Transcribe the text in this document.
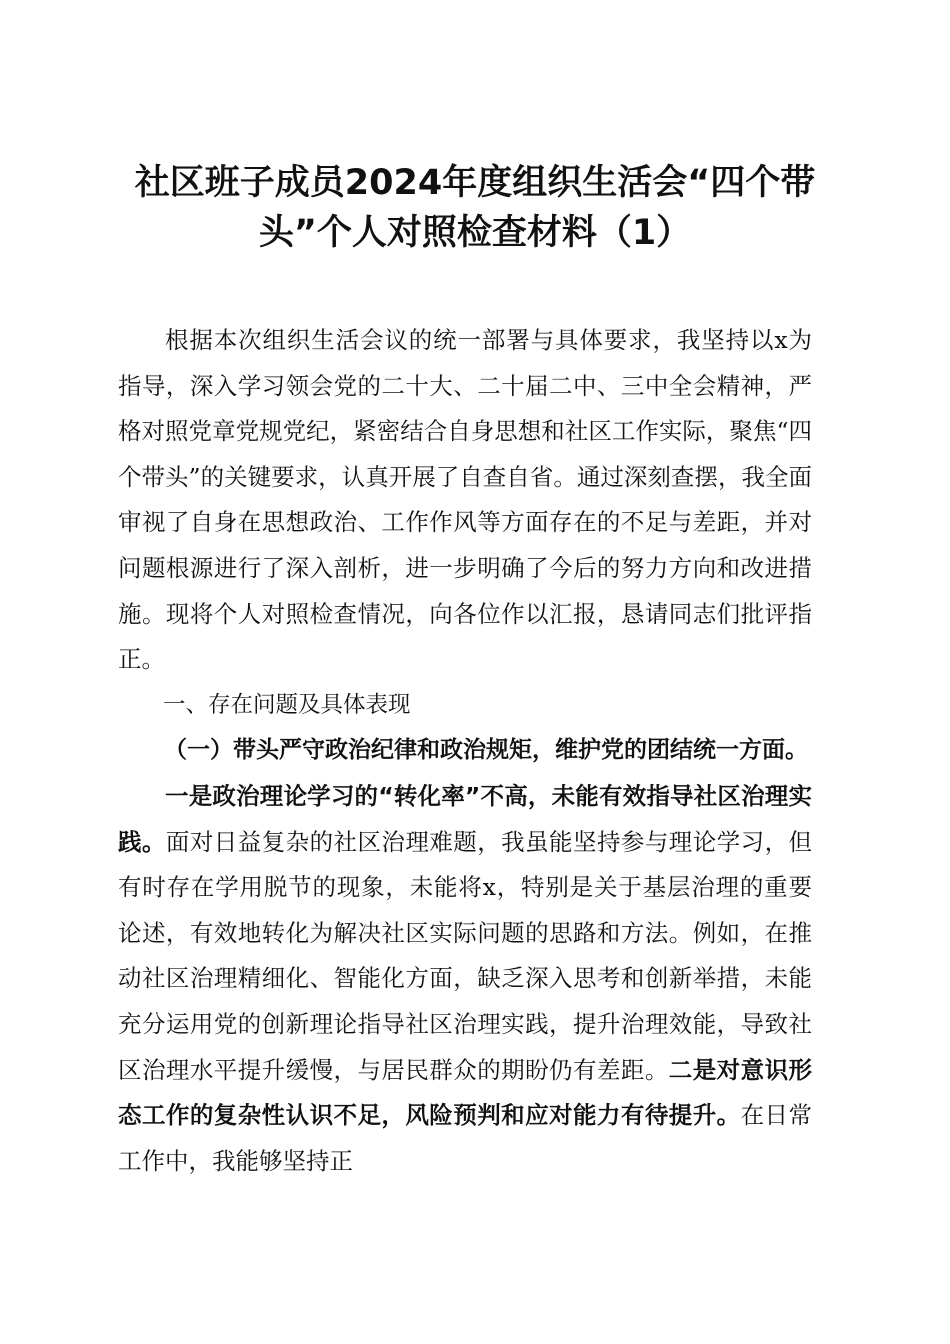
社区班子成员2024年度组织生活会“四个带头”个人对照检查材料（1）

根据本次组织生活会议的统一部署与具体要求，我坚持以x为指导，深入学习领会党的二十大、二十届二中、三中全会精神，严格对照党章党规党纪，紧密结合自身思想和社区工作实际，聚焦“四个带头”的关键要求，认真开展了自查自省。通过深刻查摆，我全面审视了自身在思想政治、工作作风等方面存在的不足与差距，并对问题根源进行了深入剖析，进一步明确了今后的努力方向和改进措施。现将个人对照检查情况，向各位作以汇报，恳请同志们批评指正。

一、存在问题及具体表现

（一）带头严守政治纪律和政治规矩，维护党的团结统一方面。

一是政治理论学习的“转化率”不高，未能有效指导社区治理实践。面对日益复杂的社区治理难题，我虽能坚持参与理论学习，但有时存在学用脱节的现象，未能将x，特别是关于基层治理的重要论述，有效地转化为解决社区实际问题的思路和方法。例如，在推动社区治理精细化、智能化方面，缺乏深入思考和创新举措，未能充分运用党的创新理论指导社区治理实践，提升治理效能，导致社区治理水平提升缓慢，与居民群众的期盼仍有差距。二是对意识形态工作的复杂性认识不足，风险预判和应对能力有待提升。在日常工作中，我能够坚持正
